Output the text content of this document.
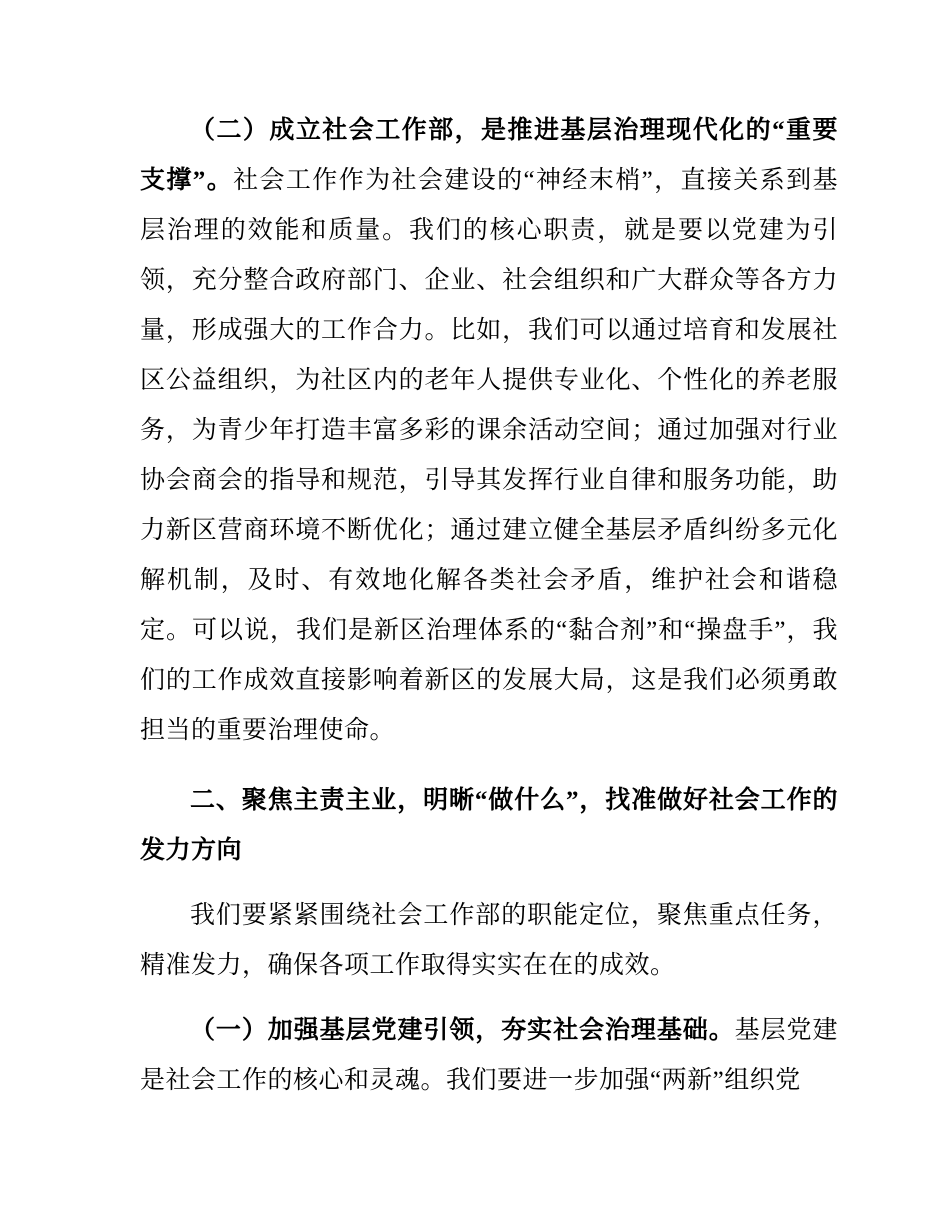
（二）成立社会工作部，是推进基层治理现代化的“重要支撑”。社会工作作为社会建设的“神经末梢”，直接关系到基层治理的效能和质量。我们的核心职责，就是要以党建为引领，充分整合政府部门、企业、社会组织和广大群众等各方力量，形成强大的工作合力。比如，我们可以通过培育和发展社区公益组织，为社区内的老年人提供专业化、个性化的养老服务，为青少年打造丰富多彩的课余活动空间；通过加强对行业协会商会的指导和规范，引导其发挥行业自律和服务功能，助力新区营商环境不断优化；通过建立健全基层矛盾纠纷多元化解机制，及时、有效地化解各类社会矛盾，维护社会和谐稳定。可以说，我们是新区治理体系的“黏合剂”和“操盘手”，我们的工作成效直接影响着新区的发展大局，这是我们必须勇敢担当的重要治理使命。

二、聚焦主责主业，明晰“做什么”，找准做好社会工作的发力方向

我们要紧紧围绕社会工作部的职能定位，聚焦重点任务，精准发力，确保各项工作取得实实在在的成效。

（一）加强基层党建引领，夯实社会治理基础。基层党建是社会工作的核心和灵魂。我们要进一步加强“两新”组织党
